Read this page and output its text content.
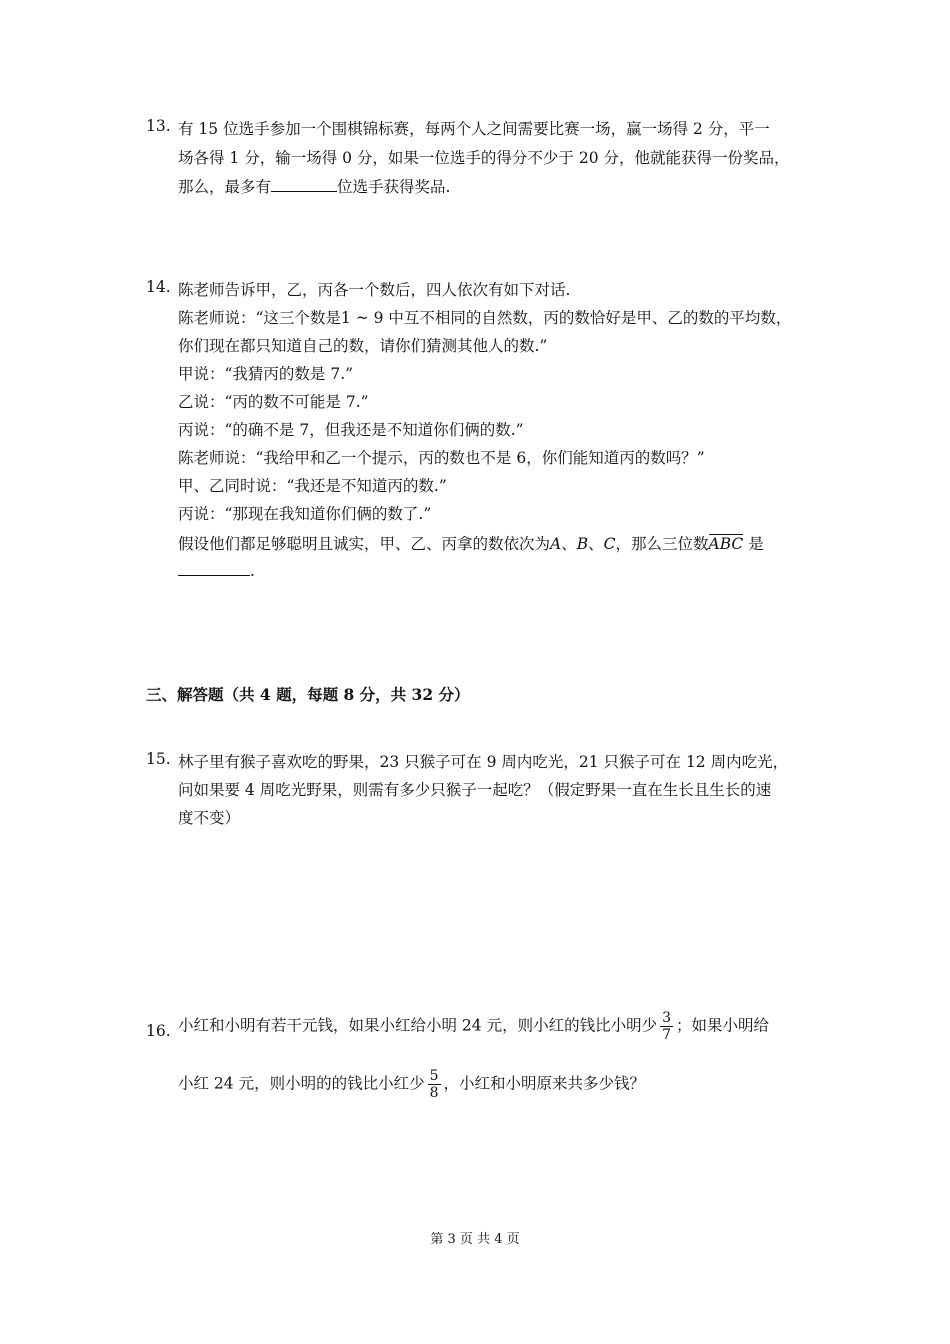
13. 有 15 位选手参加一个围棋锦标赛，每两个人之间需要比赛一场，赢一场得 2 分，平一
场各得 1 分，输一场得 0 分，如果一位选手的得分不少于 20 分，他就能获得一份奖品，
那么，最多有	位选手获得奖品.
14. 陈老师告诉甲，乙，丙各一个数后，四人依次有如下对话.
陈老师说：“这三个数是1 ~ 9 中互不相同的自然数，丙的数恰好是甲、乙的数的平均数，
你们现在都只知道自己的数，请你们猜测其他人的数.”
甲说：“我猜丙的数是 7.”
乙说：“丙的数不可能是 7.”
丙说：“的确不是 7，但我还是不知道你们俩的数.”
陈老师说：“我给甲和乙一个提示，丙的数也不是 6，你们能知道丙的数吗？”
甲、乙同时说：“我还是不知道丙的数.”
丙说：“那现在我知道你们俩的数了.”
假设他们都足够聪明且诚实，甲、乙、丙拿的数依次为A、B、C，那么三位数ABC 是
.
三、解答题（共 4 题，每题 8 分，共 32 分）
15. 林子里有猴子喜欢吃的野果，23 只猴子可在 9 周内吃光，21 只猴子可在 12 周内吃光，
问如果要 4 周吃光野果，则需有多少只猴子一起吃？（假定野果一直在生长且生长的速
度不变）
16. 小红和小明有若干元钱，如果小红给小明 24 元，则小红的钱比小明少 $\frac{3}{7}$ ；如果小明给
小红 24 元，则小明的的钱比小红少 $\frac{5}{8}$ ，小红和小明原来共多少钱？
第 3 页 共 4 页
